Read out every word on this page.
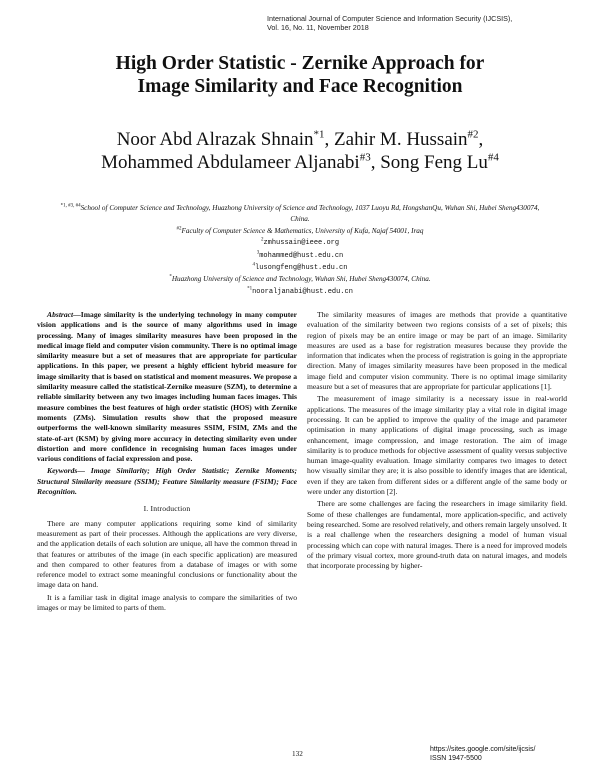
International Journal of Computer Science and Information Security (IJCSIS),
Vol. 16, No. 11, November 2018
High Order Statistic - Zernike Approach for
Image Similarity and Face Recognition
Noor Abd Alrazak Shnain$^{*1}$, Zahir M. Hussain$^{\#2}$,
Mohammed Abdulameer Aljanabi$^{\#3}$, Song Feng Lu$^{\#4}$
$^{*1, \#3, \#4}$School of Computer Science and Technology, Huazhong University of Science and Technology, 1037 Luoyu Rd, HongshanQu, Wuhan Shi, Hubei Sheng430074, China.
$^{\#2}$Faculty of Computer Science & Mathematics, University of Kufa, Najaf 54001, Iraq
$^2$zmhussain@ieee.org
$^3$mohammed@hust.edu.cn
$^4$lusongfeng@hust.edu.cn
*Huazhong University of Science and Technology, Wuhan Shi, Hubei Sheng430074, China.
$^{*1}$nooraljanabi@hust.edu.cn

Abstract—Image similarity is the underlying technology in many computer vision applications and is the source of many algorithms used in image processing. Many of images similarity measures have been proposed in the medical image field and computer vision community. There is no optimal image similarity measure but a set of measures that are appropriate for particular applications. In this paper, we present a highly efficient hybrid measure for image similarity that is based on statistical and moment measures. We propose a similarity measure called the statistical-Zernike measure (SZM), to determine a reliable similarity between any two images including human faces images. This measure combines the best features of high order statistic (HOS) with Zernike moments (ZMs). Simulation results show that the proposed measure outperforms the well-known similarity measures SSIM, FSIM, ZMs and the state-of-art (KSM) by giving more accuracy in detecting similarity even under distortion and more confidence in recognising human faces images under various conditions of facial expression and pose.

Keywords— Image Similarity; High Order Statistic; Zernike Moments; Structural Similarity measure (SSIM); Feature Similarity measure (FSIM); Face Recognition.

I. Introduction

There are many computer applications requiring some kind of similarity measurement as part of their processes. Although the applications are very diverse, and the application details of each solution are unique, all have the common thread in that features or attributes of the image (in each specific application) are measured and then compared to other features from a database of images or with some reference model to extract some meaningful conclusions or functionality about the image data on hand.

It is a familiar task in digital image analysis to compare the similarities of two images or may be limited to parts of them.

The similarity measures of images are methods that provide a quantitative evaluation of the similarity between two regions consists of a set of pixels; this region of pixels may be an entire image or may be part of an image. Similarity measures are used as a base for registration measures because they provide the information that indicates when the process of registration is going in the appropriate direction. Many of images similarity measures have been proposed in the medical image field and computer vision community. There is no optimal image similarity measure but a set of measures that are appropriate for particular applications [1].

The measurement of image similarity is a necessary issue in real-world applications. The measures of the image similarity play a vital role in digital image processing. It can be applied to improve the quality of the image and parameter optimisation in many applications of digital image processing, such as image enhancement, image compression, and image restoration. The aim of image similarity is to produce methods for objective assessment of quality versus subjective human image-quality evaluation. Image similarity compares two images to detect how visually similar they are; it is also possible to identify images that are identical, even if they are taken from different sides or a different angle of the same body or were under any distortion [2].

There are some challenges are facing the researchers in image similarity field. Some of these challenges are fundamental, more application-specific, and actively being researched. Some are resolved relatively, and others remain largely unsolved. It is a real challenge when the researchers designing a model of human visual processing which can cope with natural images. There is a need for improved models of the primary visual cortex, more ground-truth data on natural images, and models that incorporate processing by higher-

132
https://sites.google.com/site/ijcsis/
ISSN 1947-5500
